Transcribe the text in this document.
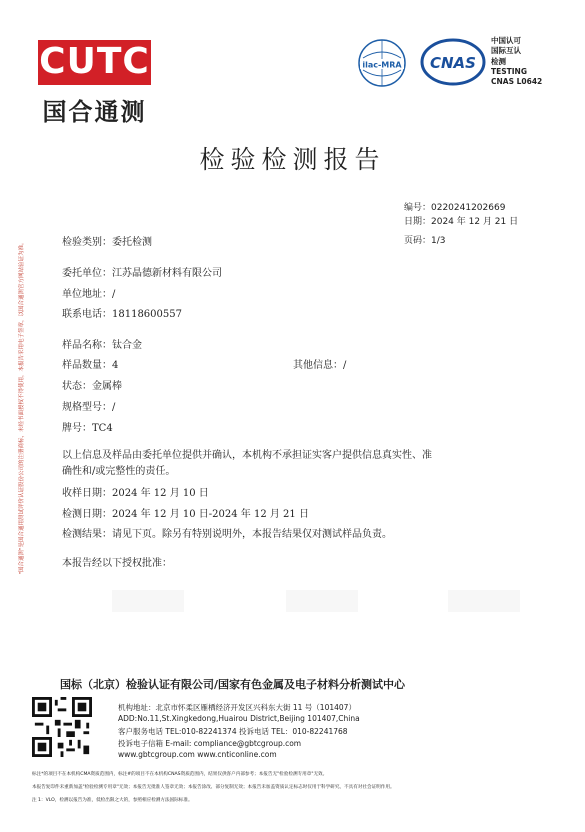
CUTC
国合通测
ilac-MRA CNAS
中国认可
国际互认
检测
TESTING
CNAS L0642
检验检测报告
编号：0220241202669
日期：2024 年 12 月 21 日
页码：1/3
检验类别：委托检测
委托单位：江苏晶德新材料有限公司
单位地址：/
联系电话：18118600557
样品名称：钛合金
样品数量：4	其他信息：/
状态：金属棒
规格型号：/
牌号：TC4
以上信息及样品由委托单位提供并确认，本机构不承担证实客户提供信息真实性、准
确性和/或完整性的责任。
收样日期：2024 年 12 月 10 日
检测日期：2024 年 12 月 10 日-2024 年 12 月 21 日
检测结果：请见下页。除另有特别说明外，本报告结果仅对测试样品负责。
本报告经以下授权批准：
"国合通测"是国合通用测试评价认证股份公司的注册商标，未经书面授权不得使用，本报告采用电子签章，以国合通测官方网站验证为准。
国标（北京）检验认证有限公司/国家有色金属及电子材料分析测试中心
机构地址：北京市怀柔区雁栖经济开发区兴科东大街 11 号（101407）
ADD:No.11,St.Xingkedong,Huairou District,Beijing 101407,China
客户服务电话 TEL:010-82241374 投诉电话 TEL：010-82241768
投诉电子信箱 E-mail: compliance@gbtcgroup.com
www.gbtcgroup.com www.cnticonline.com
标注*的项目不在本机构CMA资质范围内，标注#的项目不在本机构CNAS资质范围内，结果仅供客户内部参考；本报告无"检验检测专用章"无效。
本报告复印件未重新加盖"检验检测专用章"无效；本报告无批准人签章无效；本报告涂改、部分复制无效；本报告未加盖资质认定标志时仅用于科学研究、不具有对社会证明作用。
注 1：VLO，检测以报告为准，低检出限之大的，参照相应检测方法国际标准。
